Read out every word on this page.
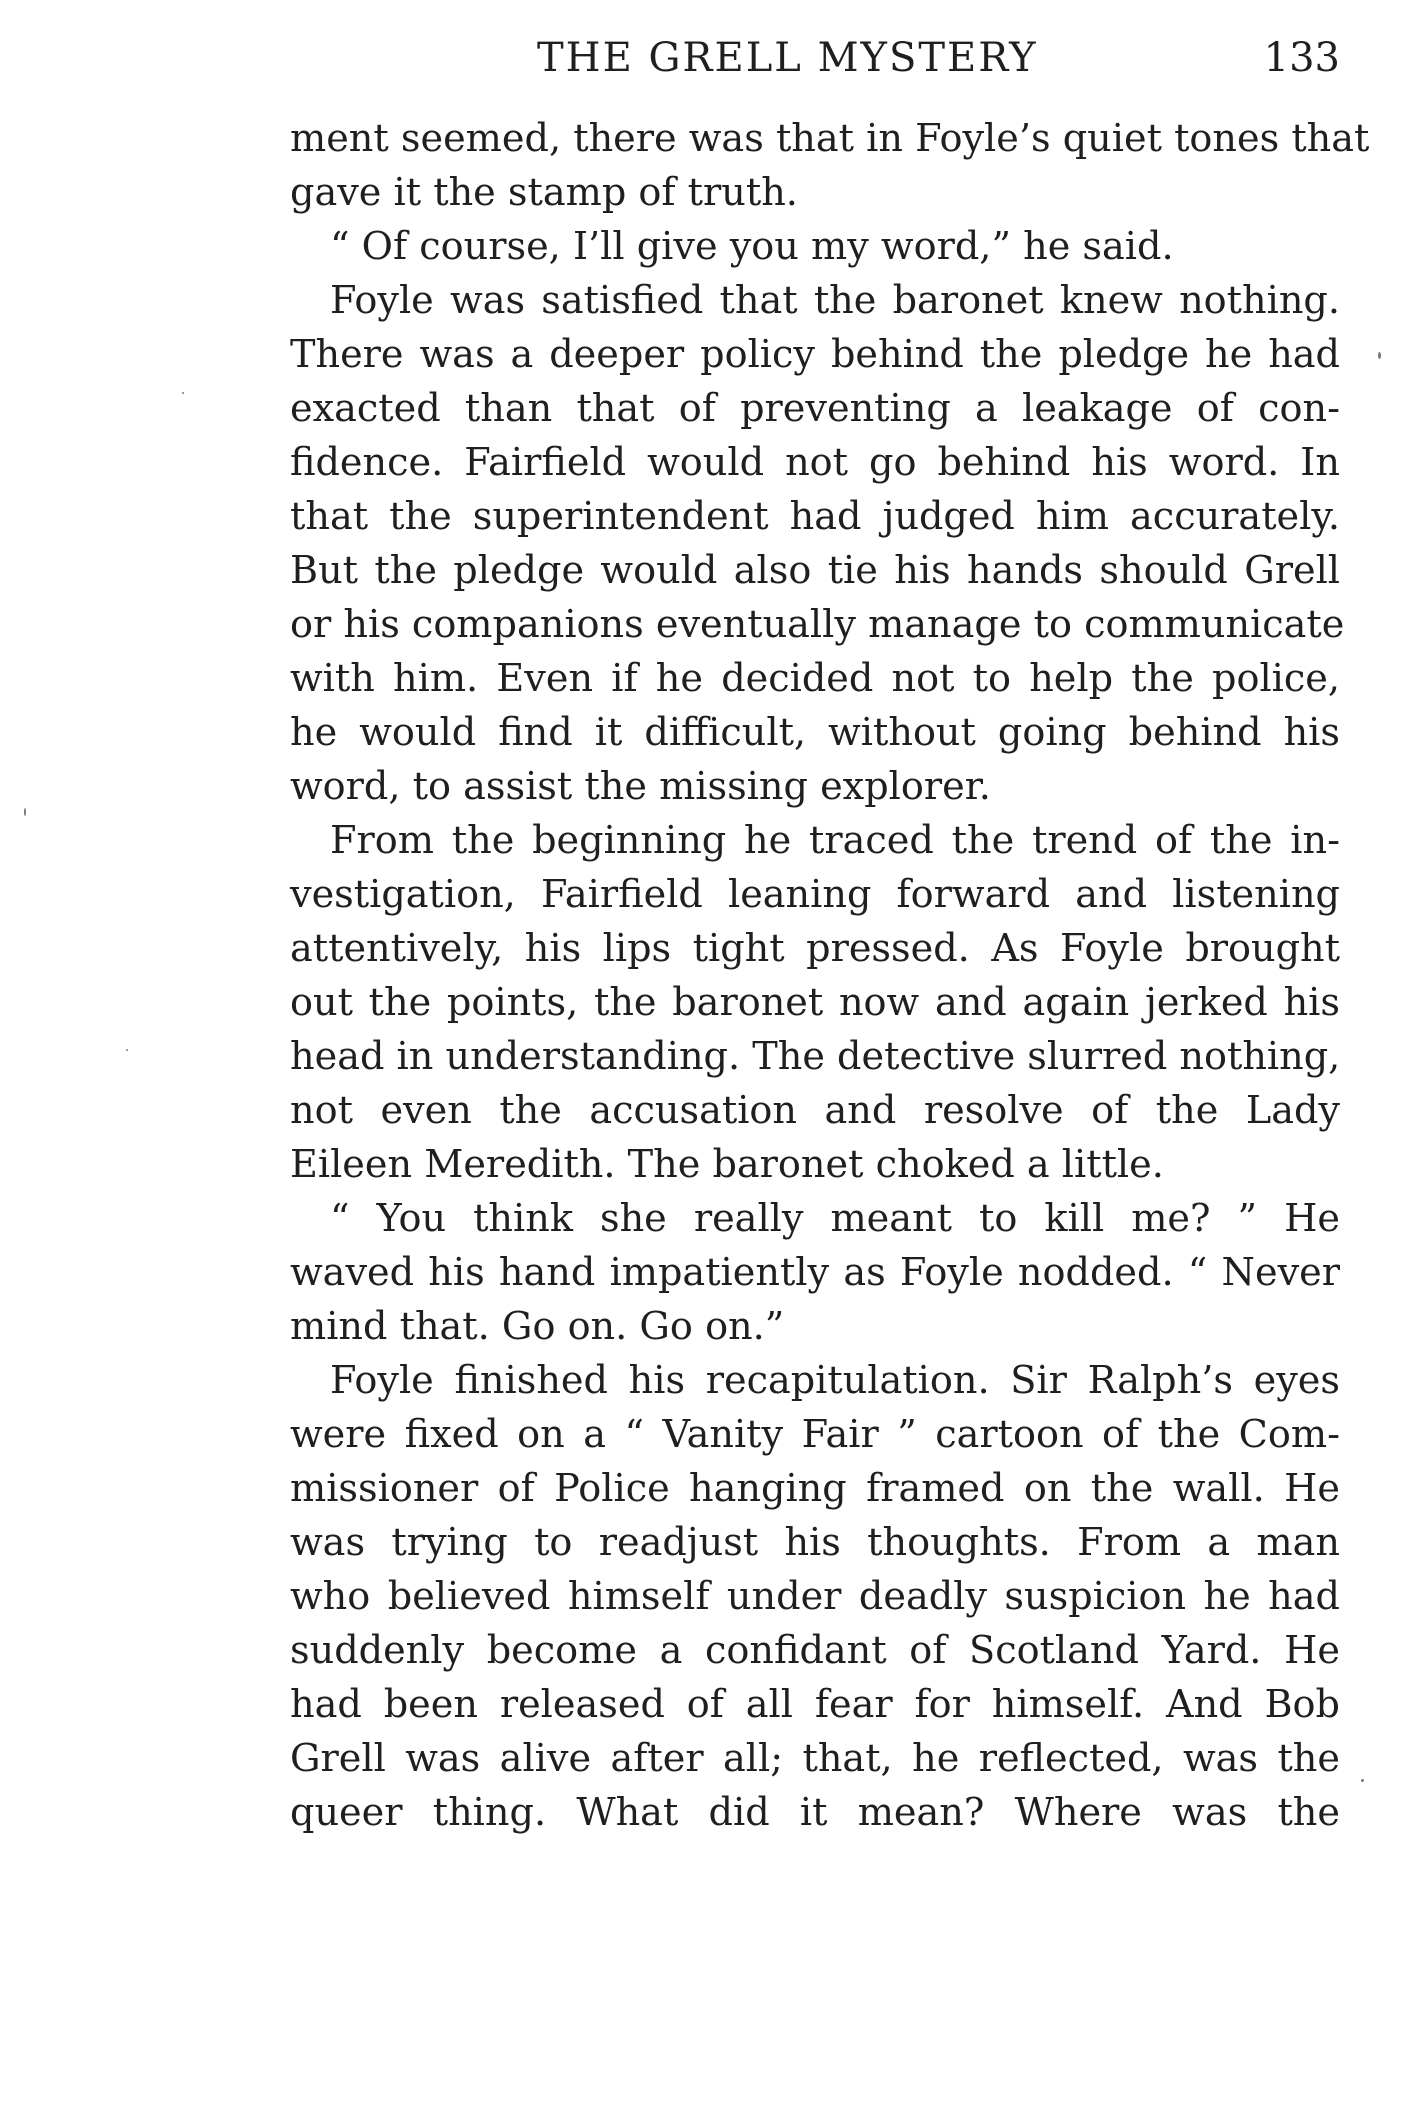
THE GRELL MYSTERY	133
ment seemed, there was that in Foyle’s quiet tones that
gave it the stamp of truth.
“ Of course, I’ll give you my word,” he said.
Foyle was satisfied that the baronet knew nothing.
There was a deeper policy behind the pledge he had
exacted than that of preventing a leakage of con-
fidence. Fairfield would not go behind his word. In
that the superintendent had judged him accurately.
But the pledge would also tie his hands should Grell
or his companions eventually manage to communicate
with him. Even if he decided not to help the police,
he would find it difficult, without going behind his
word, to assist the missing explorer.
From the beginning he traced the trend of the in-
vestigation, Fairfield leaning forward and listening
attentively, his lips tight pressed. As Foyle brought
out the points, the baronet now and again jerked his
head in understanding. The detective slurred nothing,
not even the accusation and resolve of the Lady
Eileen Meredith. The baronet choked a little.
“ You think she really meant to kill me? ” He
waved his hand impatiently as Foyle nodded. “ Never
mind that. Go on. Go on.”
Foyle finished his recapitulation. Sir Ralph’s eyes
were fixed on a “ Vanity Fair ” cartoon of the Com-
missioner of Police hanging framed on the wall. He
was trying to readjust his thoughts. From a man
who believed himself under deadly suspicion he had
suddenly become a confidant of Scotland Yard. He
had been released of all fear for himself. And Bob
Grell was alive after all; that, he reflected, was the
queer thing. What did it mean? Where was the
